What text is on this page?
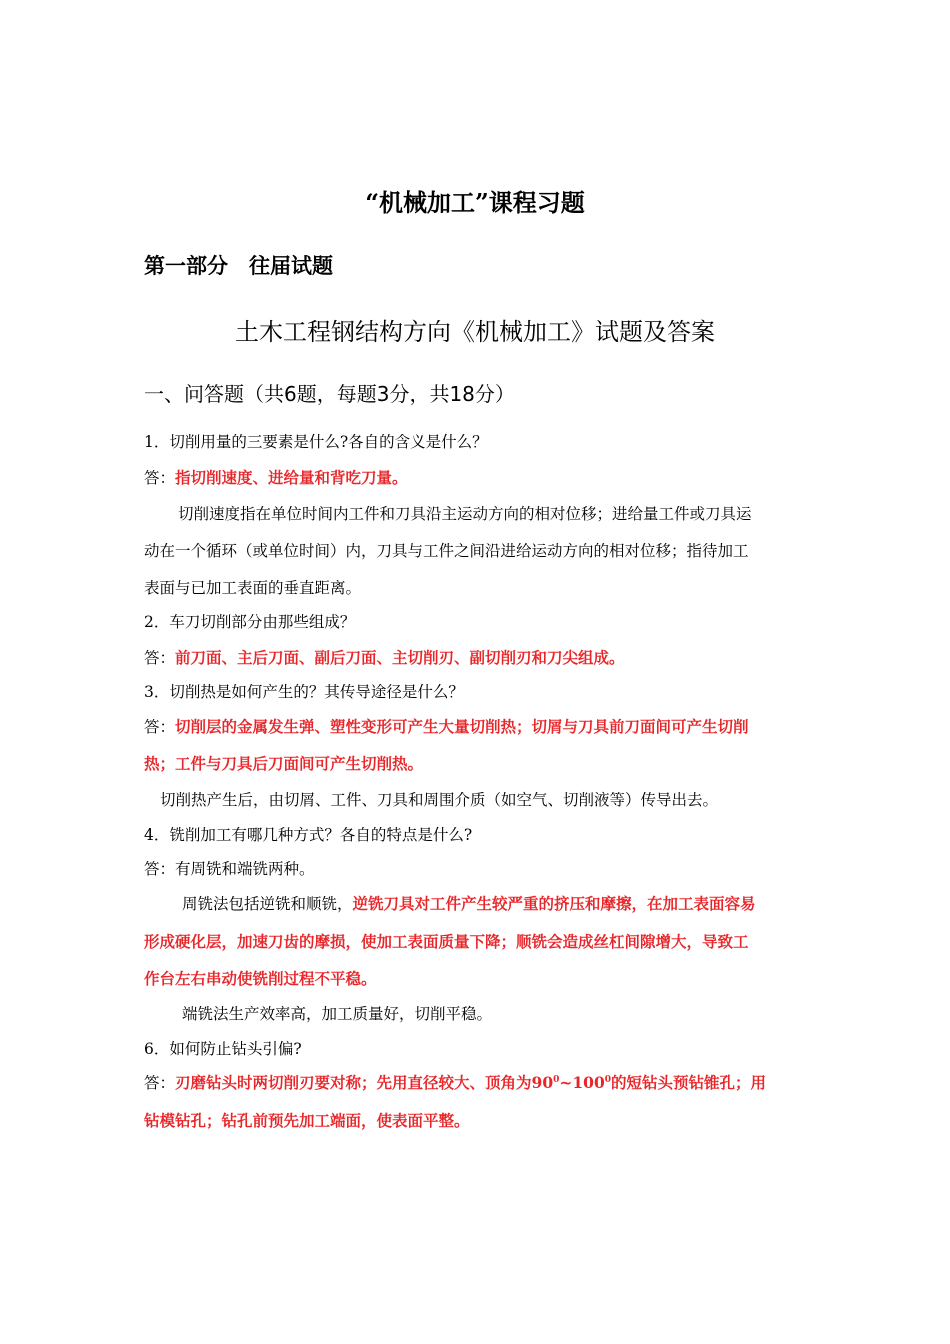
“机械加工”课程习题
第一部分　往届试题
土木工程钢结构方向《机械加工》试题及答案
一、问答题（共6题，每题3分，共18分）
1．切削用量的三要素是什么?各自的含义是什么？
答：指切削速度、进给量和背吃刀量。
切削速度指在单位时间内工件和刀具沿主运动方向的相对位移；进给量工件或刀具运
动在一个循环（或单位时间）内，刀具与工件之间沿进给运动方向的相对位移；指待加工
表面与已加工表面的垂直距离。
2．车刀切削部分由那些组成？
答：前刀面、主后刀面、副后刀面、主切削刃、副切削刃和刀尖组成。
3．切削热是如何产生的？其传导途径是什么？
答：切削层的金属发生弹、塑性变形可产生大量切削热；切屑与刀具前刀面间可产生切削
热；工件与刀具后刀面间可产生切削热。
切削热产生后，由切屑、工件、刀具和周围介质（如空气、切削液等）传导出去。
4．铣削加工有哪几种方式？各自的特点是什么?
答：有周铣和端铣两种。
周铣法包括逆铣和顺铣，逆铣刀具对工件产生较严重的挤压和摩擦，在加工表面容易
形成硬化层，加速刀齿的摩损，使加工表面质量下降；顺铣会造成丝杠间隙增大，导致工
作台左右串动使铣削过程不平稳。
端铣法生产效率高，加工质量好，切削平稳。
6．如何防止钻头引偏?
答：刃磨钻头时两切削刃要对称；先用直径较大、顶角为$90^0\sim 100^0$的短钻头预钻锥孔；用
钻模钻孔；钻孔前预先加工端面，使表面平整。
